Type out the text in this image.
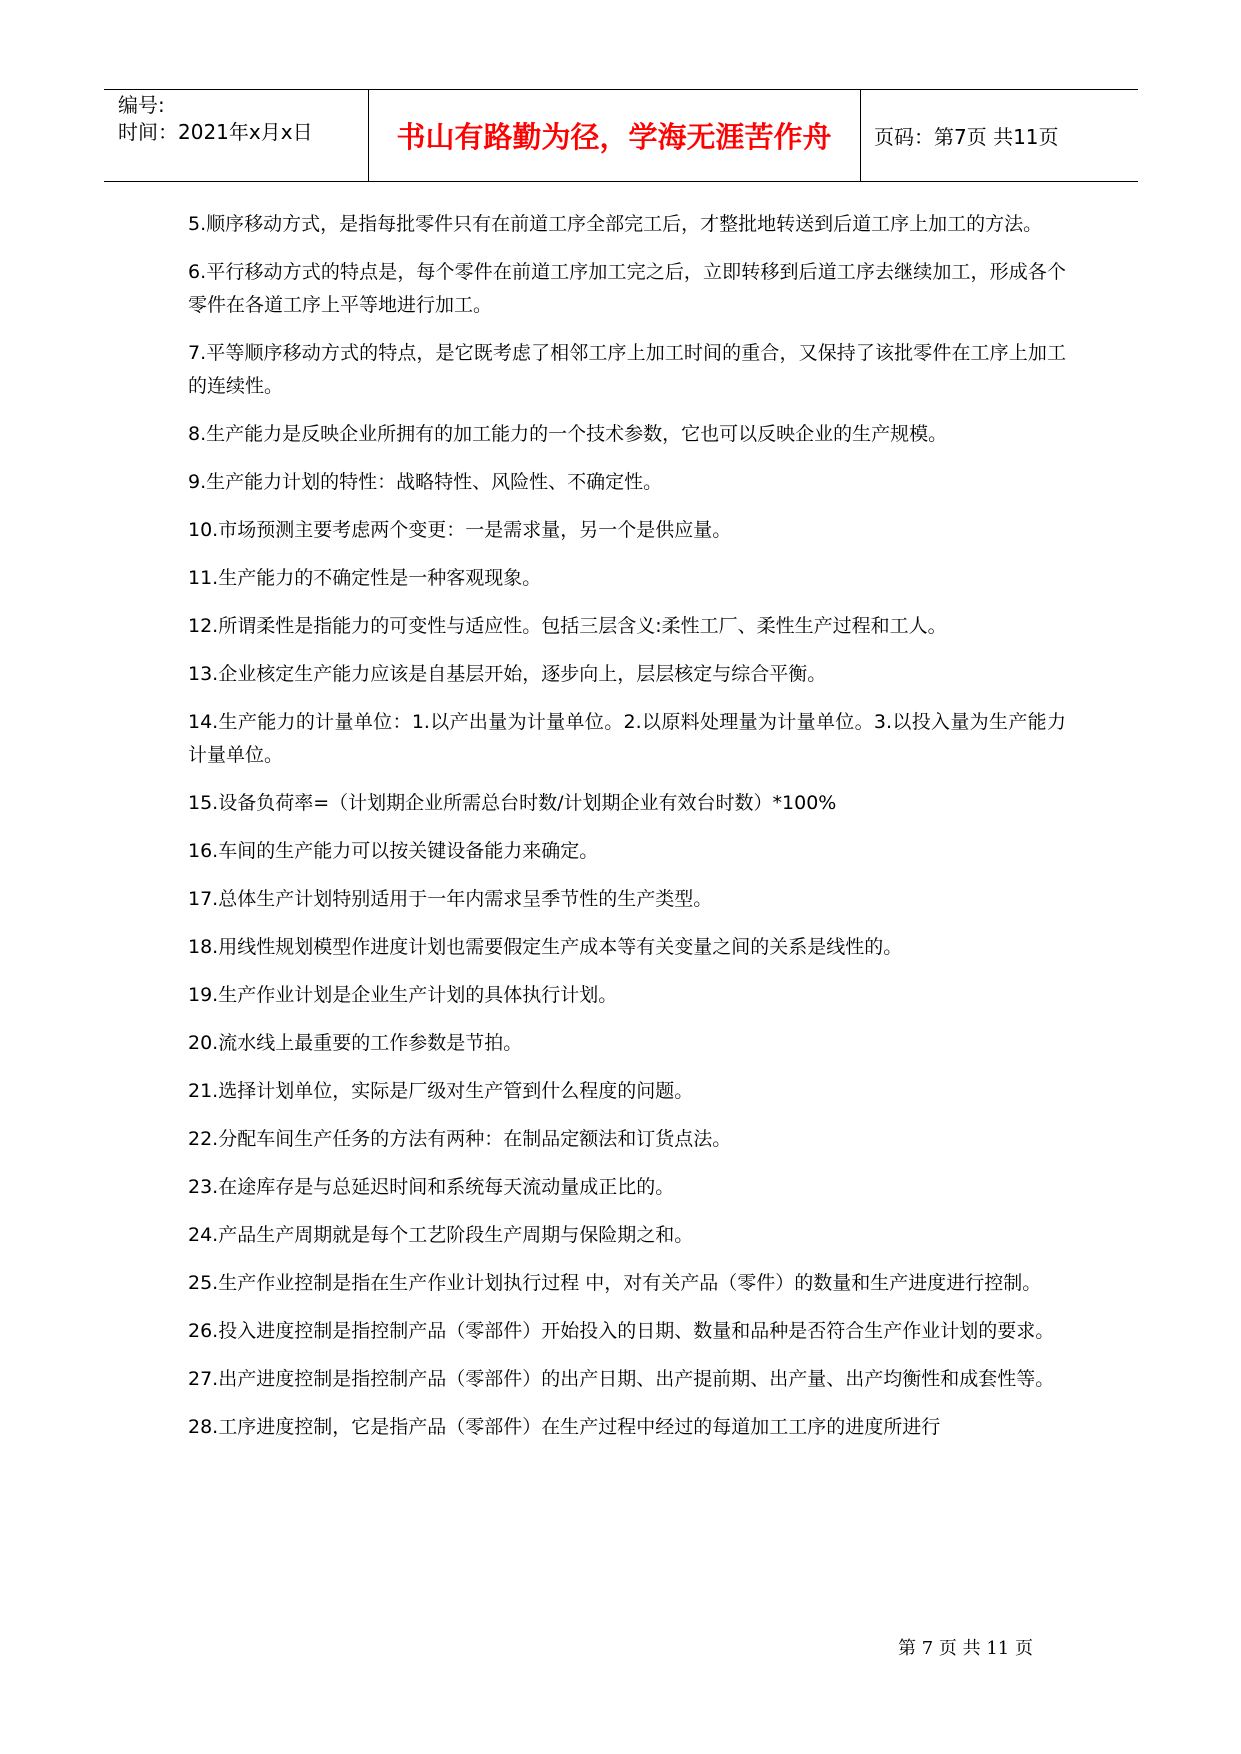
编号:
时间：2021年x月x日	书山有路勤为径，学海无涯苦作舟	页码：第7页 共11页

5.顺序移动方式，是指每批零件只有在前道工序全部完工后，才整批地转送到后道工序上加工的方法。

6.平行移动方式的特点是，每个零件在前道工序加工完之后，立即转移到后道工序去继续加工，形成各个零件在各道工序上平等地进行加工。

7.平等顺序移动方式的特点，是它既考虑了相邻工序上加工时间的重合，又保持了该批零件在工序上加工的连续性。

8.生产能力是反映企业所拥有的加工能力的一个技术参数，它也可以反映企业的生产规模。

9.生产能力计划的特性：战略特性、风险性、不确定性。

10.市场预测主要考虑两个变更：一是需求量，另一个是供应量。

11.生产能力的不确定性是一种客观现象。

12.所谓柔性是指能力的可变性与适应性。包括三层含义:柔性工厂、柔性生产过程和工人。

13.企业核定生产能力应该是自基层开始，逐步向上，层层核定与综合平衡。

14.生产能力的计量单位：1.以产出量为计量单位。2.以原料处理量为计量单位。3.以投入量为生产能力计量单位。

15.设备负荷率=（计划期企业所需总台时数/计划期企业有效台时数）*100%

16.车间的生产能力可以按关键设备能力来确定。

17.总体生产计划特别适用于一年内需求呈季节性的生产类型。

18.用线性规划模型作进度计划也需要假定生产成本等有关变量之间的关系是线性的。

19.生产作业计划是企业生产计划的具体执行计划。

20.流水线上最重要的工作参数是节拍。

21.选择计划单位，实际是厂级对生产管到什么程度的问题。

22.分配车间生产任务的方法有两种：在制品定额法和订货点法。

23.在途库存是与总延迟时间和系统每天流动量成正比的。

24.产品生产周期就是每个工艺阶段生产周期与保险期之和。

25.生产作业控制是指在生产作业计划执行过程 中，对有关产品（零件）的数量和生产进度进行控制。

26.投入进度控制是指控制产品（零部件）开始投入的日期、数量和品种是否符合生产作业计划的要求。

27.出产进度控制是指控制产品（零部件）的出产日期、出产提前期、出产量、出产均衡性和成套性等。

28.工序进度控制，它是指产品（零部件）在生产过程中经过的每道加工工序的进度所进行

第 7 页 共 11 页
